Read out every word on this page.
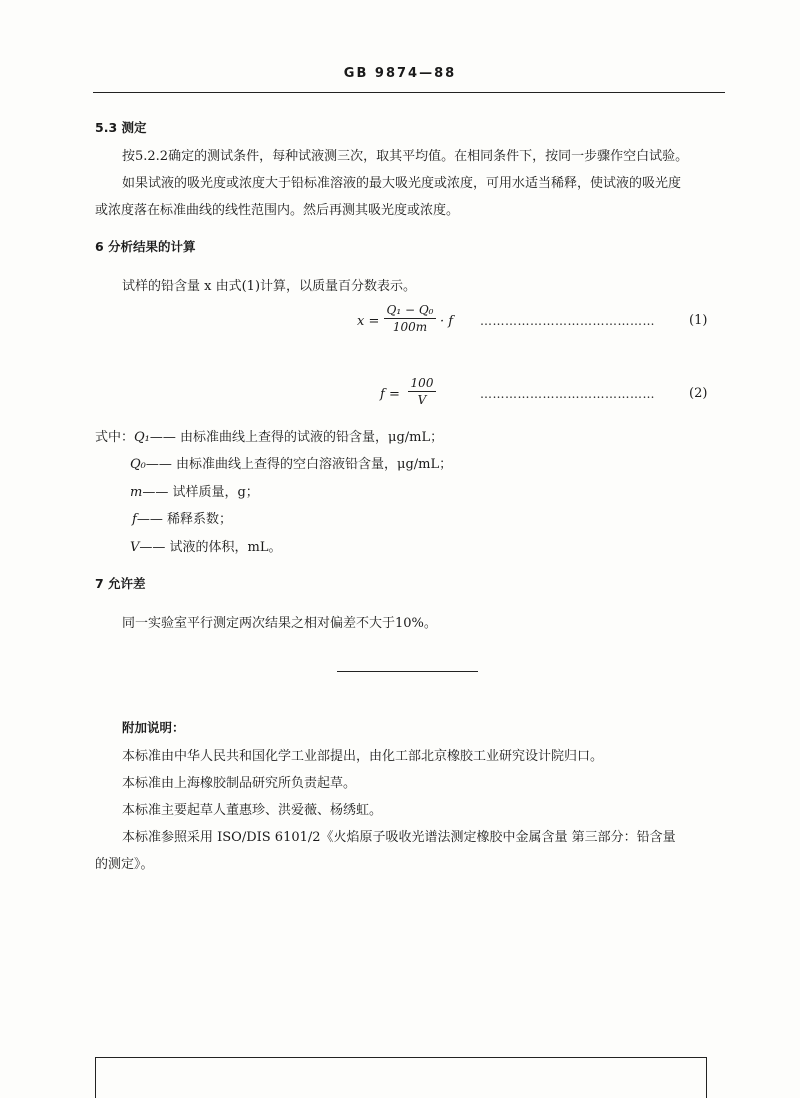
GB 9874—88
5.3 测定
按5.2.2确定的测试条件，每种试液测三次，取其平均值。在相同条件下，按同一步骤作空白试验。
如果试液的吸光度或浓度大于铅标准溶液的最大吸光度或浓度，可用水适当稀释，使试液的吸光度
或浓度落在标准曲线的线性范围内。然后再测其吸光度或浓度。
6 分析结果的计算
试样的铅含量 x 由式(1)计算，以质量百分数表示。
$x = \frac{\text{Q₁ − Q₀}}{100m} \cdot f$ ……………………………………	(1)
$f = \frac{100}{V}$	……………………………………	(2)
式中：Q₁—— 由标准曲线上查得的试液的铅含量，μg/mL；
Q₀—— 由标准曲线上查得的空白溶液铅含量，μg/mL；
m—— 试样质量，g；
f—— 稀释系数；
V—— 试液的体积，mL。
7 允许差
同一实验室平行测定两次结果之相对偏差不大于10%。
附加说明：
本标准由中华人民共和国化学工业部提出，由化工部北京橡胶工业研究设计院归口。
本标准由上海橡胶制品研究所负责起草。
本标准主要起草人董惠珍、洪爱薇、杨绣虹。
本标准参照采用 ISO/DIS 6101/2《火焰原子吸收光谱法测定橡胶中金属含量 第三部分：铅含量
的测定》。
